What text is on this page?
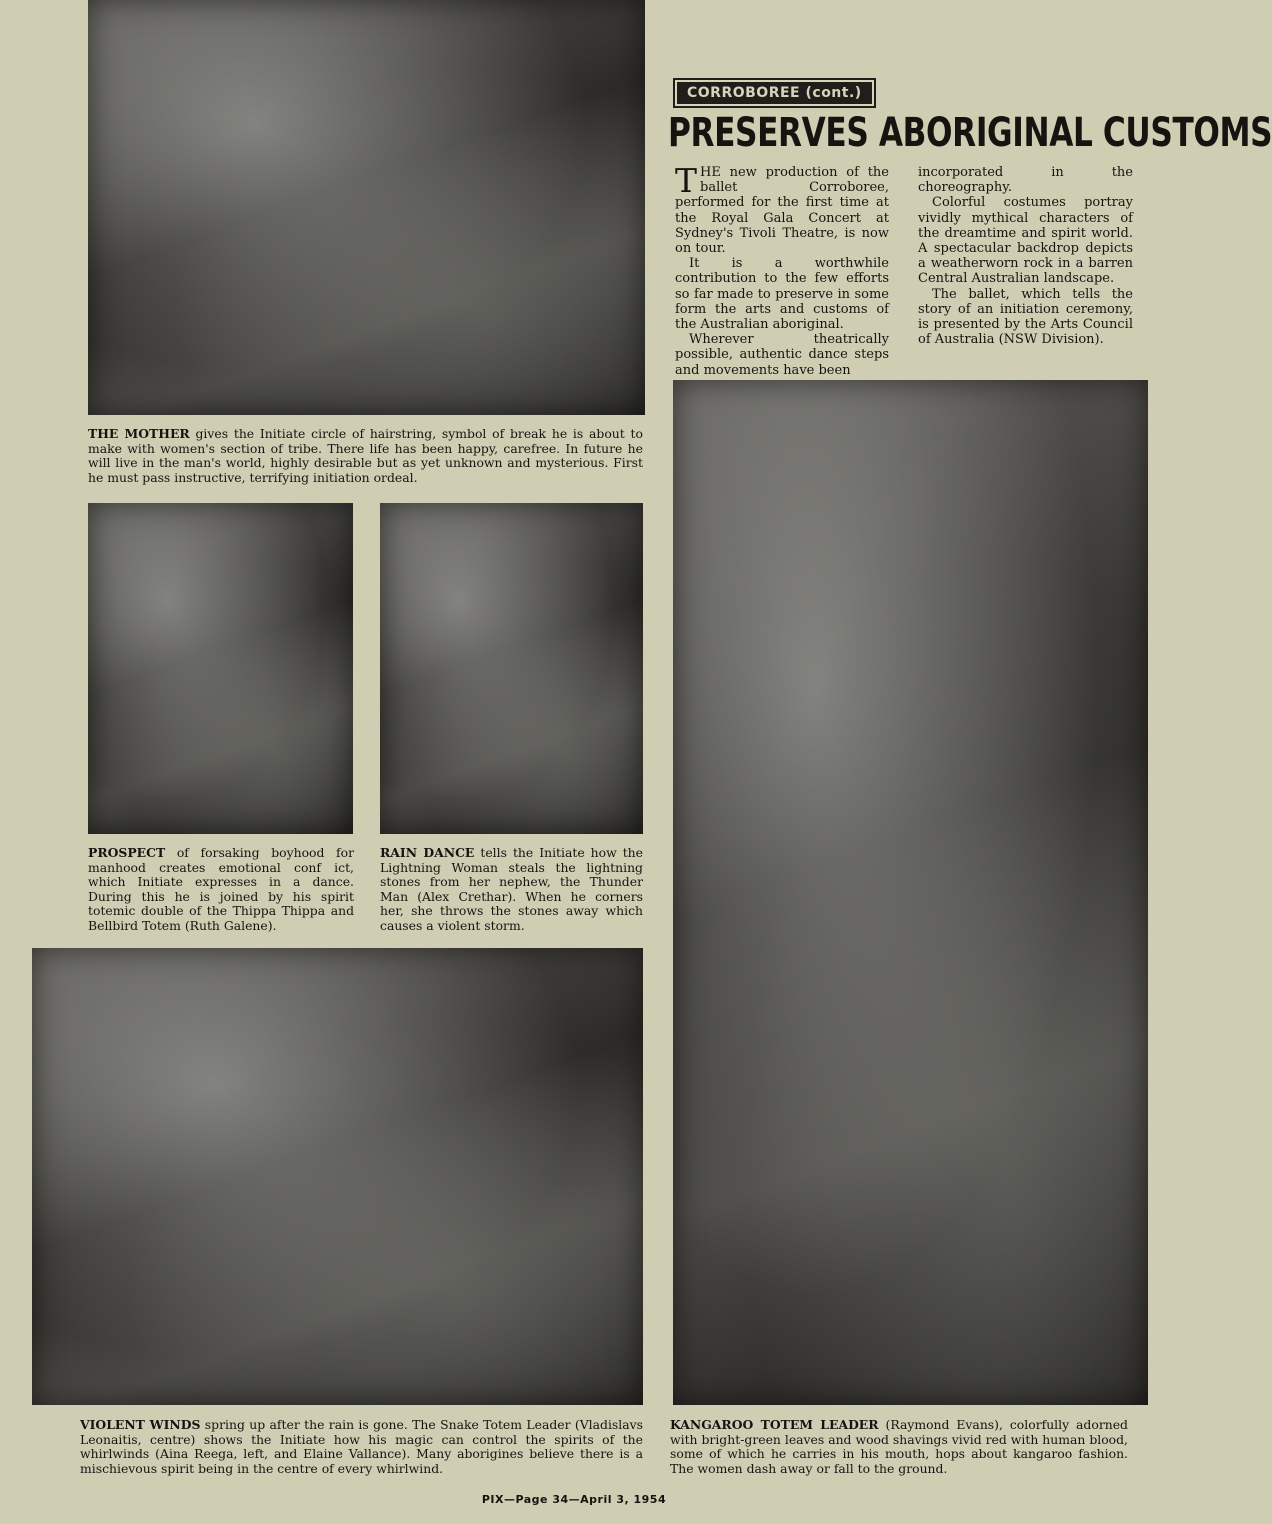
CORROBOREE (cont.)
PRESERVES ABORIGINAL CUSTOMS

THE new production of the ballet Corroboree, performed for the first time at the Royal Gala Concert at Sydney's Tivoli Theatre, is now on tour.

It is a worthwhile contribution to the few efforts so far made to preserve in some form the arts and customs of the Australian aboriginal.

Wherever theatrically possible, authentic dance steps and movements have been

incorporated in the choreography.

Colorful costumes portray vividly mythical characters of the dreamtime and spirit world. A spectacular backdrop depicts a weatherworn rock in a barren Central Australian landscape.

The ballet, which tells the story of an initiation ceremony, is presented by the Arts Council of Australia (NSW Division).

THE MOTHER gives the Initiate circle of hairstring, symbol of break he is about to make with women's section of tribe. There life has been happy, carefree. In future he will live in the man's world, highly desirable but as yet unknown and mysterious. First he must pass instructive, terrifying initiation ordeal.

PROSPECT of forsaking boyhood for manhood creates emotional conf ict, which Initiate expresses in a dance. During this he is joined by his spirit totemic double of the Thippa Thippa and Bellbird Totem (Ruth Galene).

RAIN DANCE tells the Initiate how the Lightning Woman steals the lightning stones from her nephew, the Thunder Man (Alex Crethar). When he corners her, she throws the stones away which causes a violent storm.

VIOLENT WINDS spring up after the rain is gone. The Snake Totem Leader (Vladislavs Leonaitis, centre) shows the Initiate how his magic can control the spirits of the whirlwinds (Aina Reega, left, and Elaine Vallance). Many aborigines believe there is a mischievous spirit being in the centre of every whirlwind.

KANGAROO TOTEM LEADER (Raymond Evans), colorfully adorned with bright-green leaves and wood shavings vivid red with human blood, some of which he carries in his mouth, hops about kangaroo fashion. The women dash away or fall to the ground.

PIX—Page 34—April 3, 1954
